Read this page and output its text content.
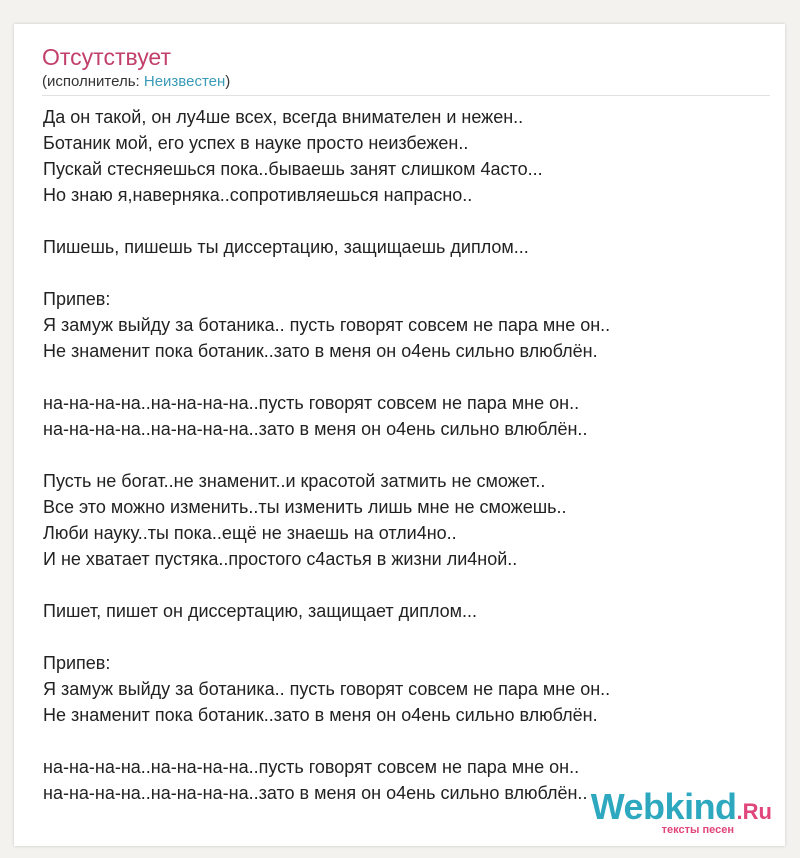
Отсутствует
(исполнитель: Неизвестен)
Да он такой, он лу4ше всех, всегда внимателен и нежен..
Ботаник мой, его успех в науке просто неизбежен..
Пускай стесняешься пока..бываешь занят слишком 4асто...
Но знаю я,наверняка..сопротивляешься напрасно..

Пишешь, пишешь ты диссертацию, защищаешь диплом...

Припев:
Я замуж выйду за ботаника.. пусть говорят совсем не пара мне он..
Не знаменит пока ботаник..зато в меня он о4ень сильно влюблён.

на-на-на-на..на-на-на-на..пусть говорят совсем не пара мне он..
на-на-на-на..на-на-на-на..зато в меня он о4ень сильно влюблён..

Пусть не богат..не знаменит..и красотой затмить не сможет..
Все это можно изменить..ты изменить лишь мне не сможешь..
Люби науку..ты пока..ещё не знаешь на отли4но..
И не хватает пустяка..простого с4астья в жизни ли4ной..

Пишет, пишет он диссертацию, защищает диплом...

Припев:
Я замуж выйду за ботаника.. пусть говорят совсем не пара мне он..
Не знаменит пока ботаник..зато в меня он о4ень сильно влюблён.

на-на-на-на..на-на-на-на..пусть говорят совсем не пара мне он..
на-на-на-на..на-на-на-на..зато в меня он о4ень сильно влюблён.. Webkind.Ru
тексты песен
